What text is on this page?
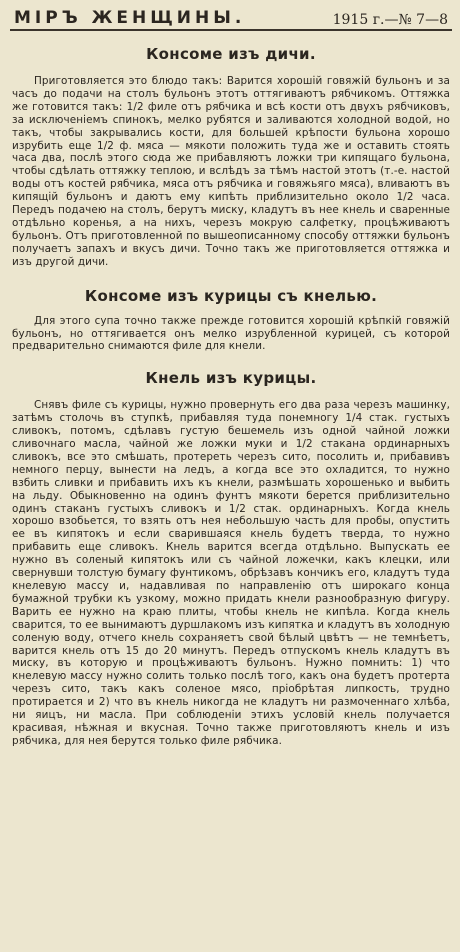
МІРЪ ЖЕНЩИНЫ.	1915 г.—№ 7—8
Консоме изъ дичи.

Приготовляется это блюдо такъ: Варится хорошій говяжій бульонъ и за часъ до подачи на столъ бульонъ этотъ оттягиваютъ рябчикомъ. Оттяжка же готовится такъ: 1/2 филе отъ рябчика и всѣ кости отъ двухъ рябчиковъ, за исключеніемъ спинокъ, мелко рубятся и заливаются холодной водой, но такъ, чтобы закрывались кости, для большей крѣпости бульона хорошо изрубить еще 1/2 ф. мяса — мякоти положить туда же и оставить стоять часа два, послѣ этого сюда же прибавляютъ ложки три кипящаго бульона, чтобы сдѣлать оттяжку теплою, и вслѣдъ за тѣмъ настой этотъ (т.-е. настой воды отъ костей рябчика, мяса отъ рябчика и говяжьяго мяса), вливаютъ въ кипящій бульонъ и даютъ ему кипѣть приблизительно около 1/2 часа. Передъ подачею на столъ, берутъ миску, кладутъ въ нее кнель и сваренные отдѣльно коренья, а на нихъ, черезъ мокрую салфетку, процѣживаютъ бульонъ. Отъ приготовленной по вышеописанному способу оттяжки бульонъ получаетъ запахъ и вкусъ дичи. Точно такъ же приготовляется оттяжка и изъ другой дичи.

Консоме изъ курицы съ кнелью.

Для этого супа точно также прежде готовится хорошій крѣпкій говяжій бульонъ, но оттягивается онъ мелко изрубленной курицей, съ которой предварительно снимаются филе для кнели.

Кнель изъ курицы.

Снявъ филе съ курицы, нужно провернуть его два раза черезъ машинку, затѣмъ столочь въ ступкѣ, прибавляя туда понемногу 1/4 стак. густыхъ сливокъ, потомъ, сдѣлавъ густую бешемель изъ одной чайной ложки сливочнаго масла, чайной же ложки муки и 1/2 стакана ординарныхъ сливокъ, все это смѣшать, протереть черезъ сито, посолить и, прибавивъ немного перцу, вынести на ледъ, а когда все это охладится, то нужно взбить сливки и прибавить ихъ къ кнели, размѣшать хорошенько и выбить на льду. Обыкновенно на одинъ фунтъ мякоти берется приблизительно одинъ стаканъ густыхъ сливокъ и 1/2 стак. ординарныхъ. Когда кнель хорошо взобьется, то взять отъ нея небольшую часть для пробы, опустить ее въ кипятокъ и если сварившаяся кнель будетъ тверда, то нужно прибавить еще сливокъ. Кнель варится всегда отдѣльно. Выпускать ее нужно въ соленый кипятокъ или съ чайной ложечки, какъ клецки, или свернувши толстую бумагу фунтикомъ, обрѣзавъ кончикъ его, кладутъ туда кнелевую массу и, надавливая по направленію отъ широкаго конца бумажной трубки къ узкому, можно придать кнели разнообразную фигуру. Варить ее нужно на краю плиты, чтобы кнель не кипѣла. Когда кнель сварится, то ее вынимаютъ дуршлакомъ изъ кипятка и кладутъ въ холодную соленую воду, отчего кнель сохраняетъ свой бѣлый цвѣтъ — не темнѣетъ, варится кнель отъ 15 до 20 минутъ. Передъ отпускомъ кнель кладутъ въ миску, въ которую и процѣживаютъ бульонъ. Нужно помнить: 1) что кнелевую массу нужно солить только послѣ того, какъ она будетъ протерта черезъ сито, такъ какъ соленое мясо, пріобрѣтая липкость, трудно протирается и 2) что въ кнель никогда не кладутъ ни размоченнаго хлѣба, ни яицъ, ни масла. При соблюденіи этихъ условій кнель получается красивая, нѣжная и вкусная. Точно также приготовляютъ кнель и изъ рябчика, для нея берутся только филе рябчика.
